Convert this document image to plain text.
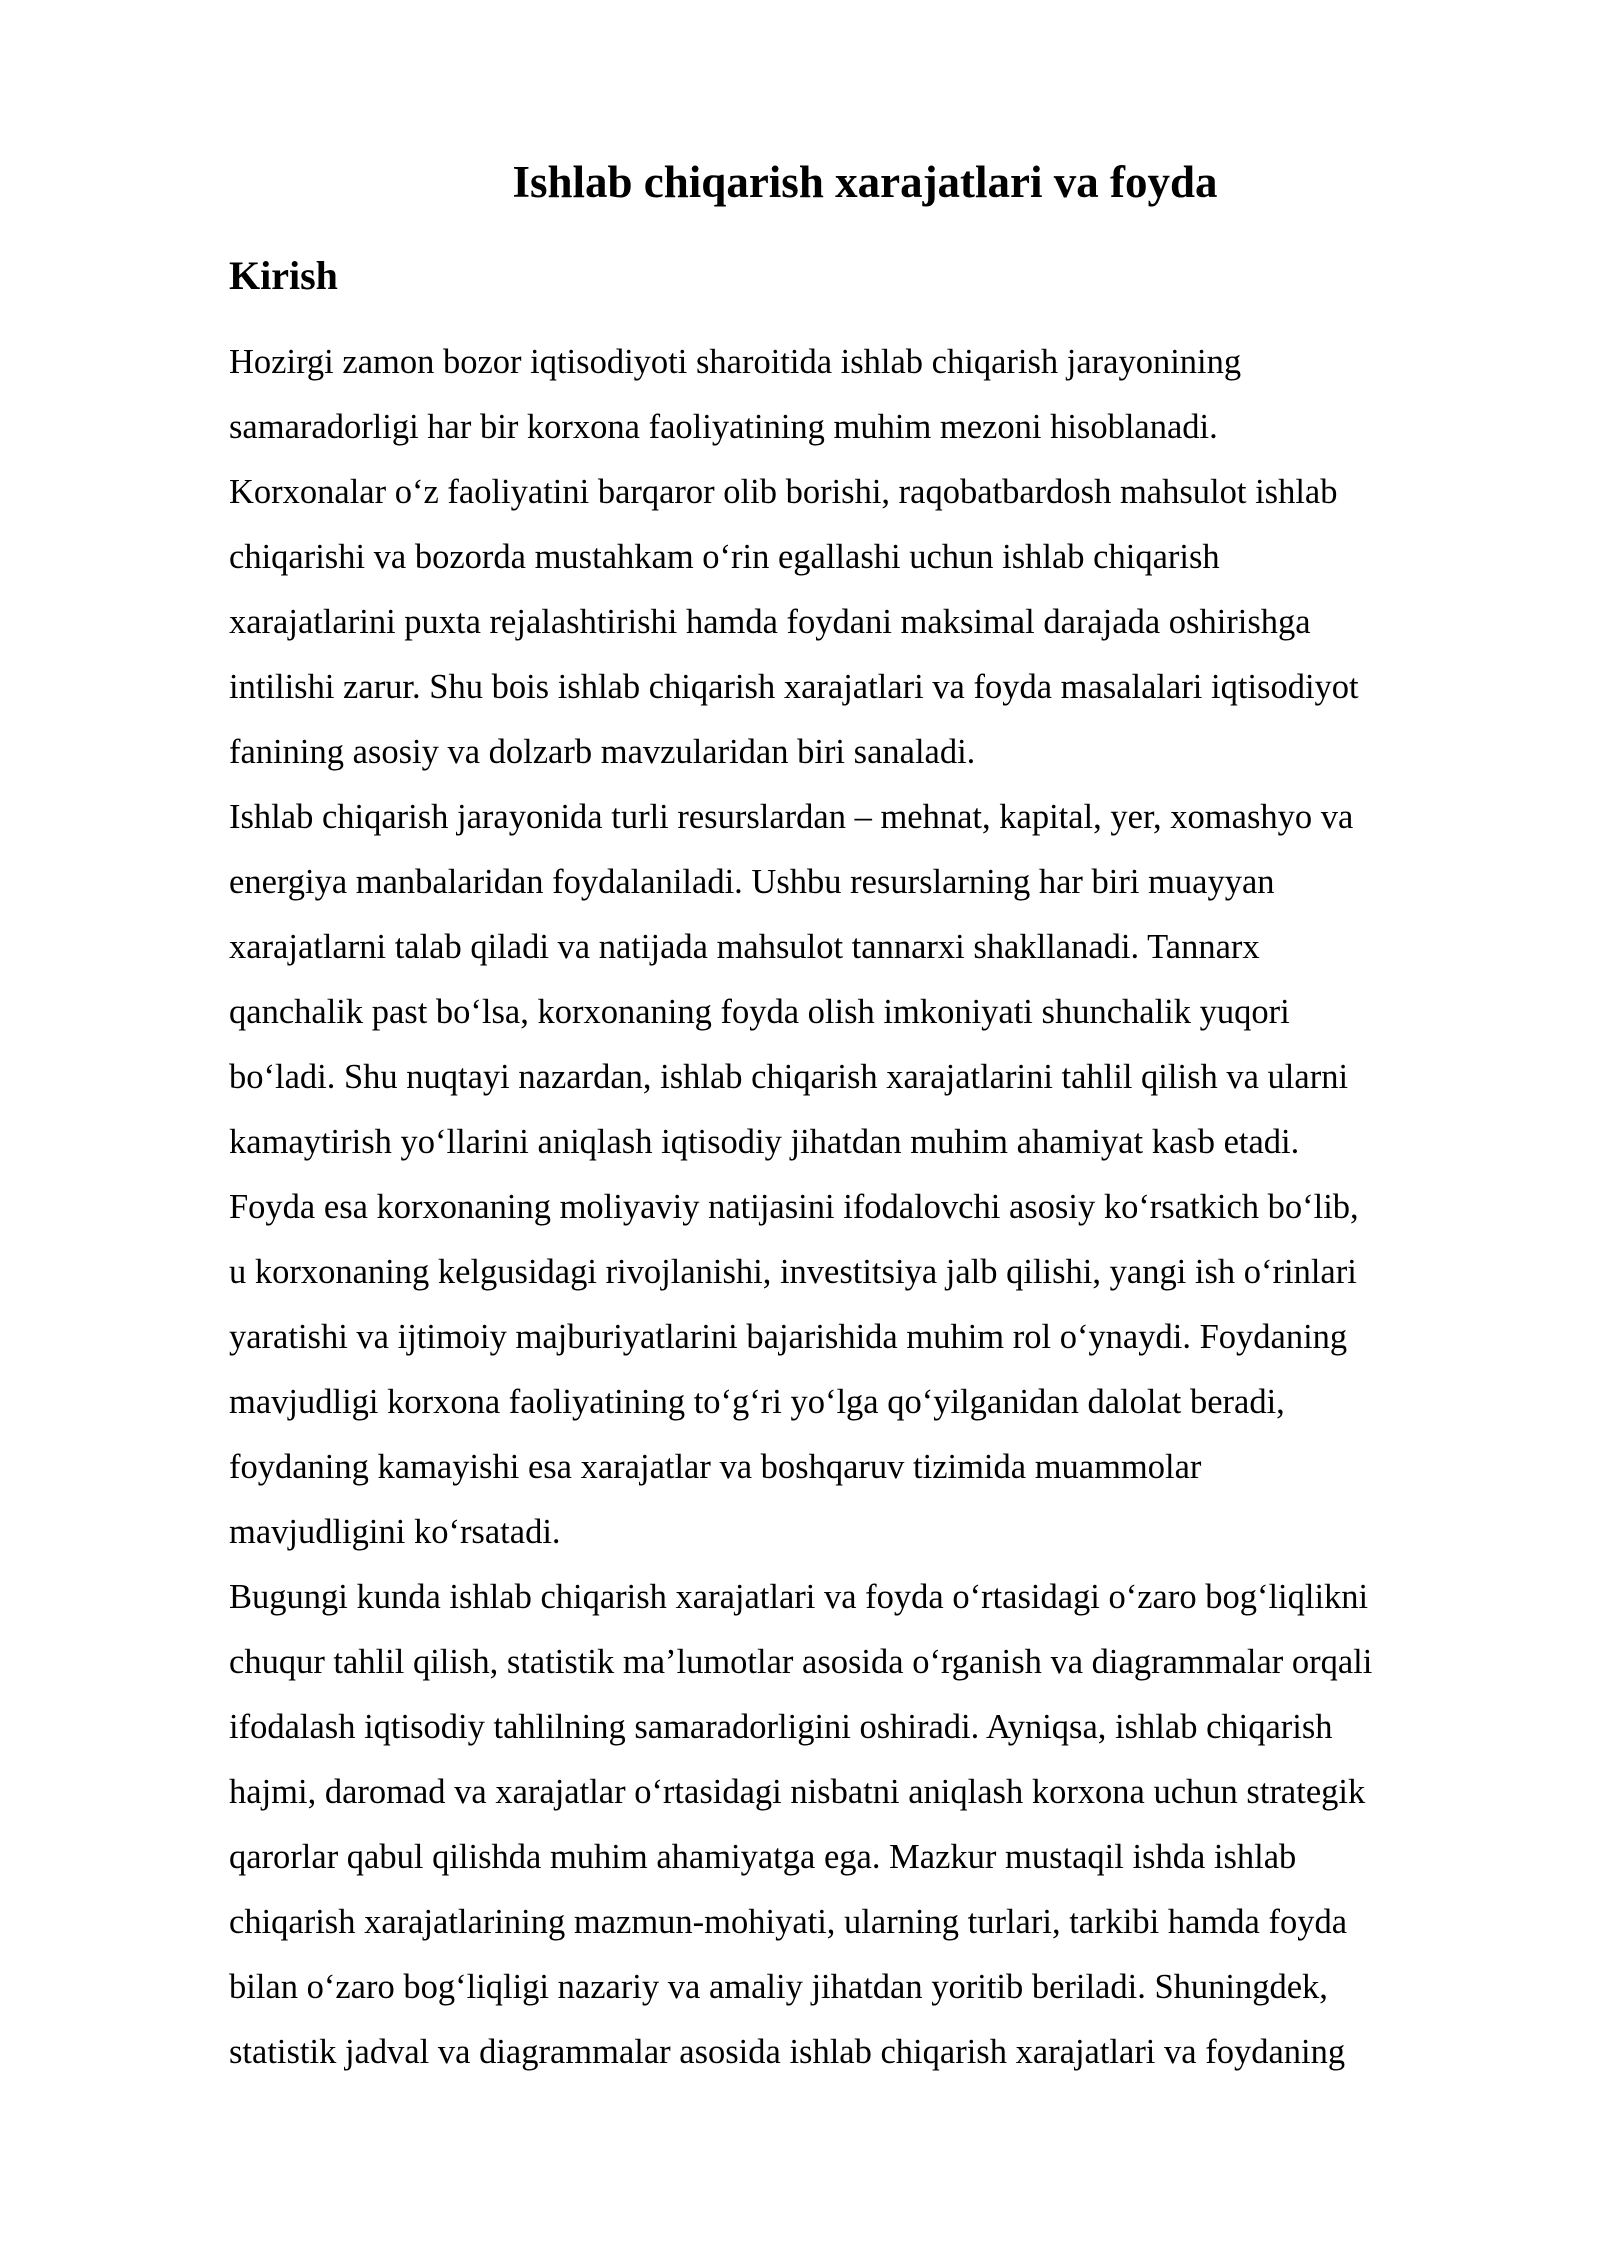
Ishlab chiqarish xarajatlari va foyda
Kirish
Hozirgi zamon bozor iqtisodiyoti sharoitida ishlab chiqarish jarayonining
samaradorligi har bir korxona faoliyatining muhim mezoni hisoblanadi.
Korxonalar o‘z faoliyatini barqaror olib borishi, raqobatbardosh mahsulot ishlab
chiqarishi va bozorda mustahkam o‘rin egallashi uchun ishlab chiqarish
xarajatlarini puxta rejalashtirishi hamda foydani maksimal darajada oshirishga
intilishi zarur. Shu bois ishlab chiqarish xarajatlari va foyda masalalari iqtisodiyot
fanining asosiy va dolzarb mavzularidan biri sanaladi.
Ishlab chiqarish jarayonida turli resurslardan – mehnat, kapital, yer, xomashyo va
energiya manbalaridan foydalaniladi. Ushbu resurslarning har biri muayyan
xarajatlarni talab qiladi va natijada mahsulot tannarxi shakllanadi. Tannarx
qanchalik past bo‘lsa, korxonaning foyda olish imkoniyati shunchalik yuqori
bo‘ladi. Shu nuqtayi nazardan, ishlab chiqarish xarajatlarini tahlil qilish va ularni
kamaytirish yo‘llarini aniqlash iqtisodiy jihatdan muhim ahamiyat kasb etadi.
Foyda esa korxonaning moliyaviy natijasini ifodalovchi asosiy ko‘rsatkich bo‘lib,
u korxonaning kelgusidagi rivojlanishi, investitsiya jalb qilishi, yangi ish o‘rinlari
yaratishi va ijtimoiy majburiyatlarini bajarishida muhim rol o‘ynaydi. Foydaning
mavjudligi korxona faoliyatining to‘g‘ri yo‘lga qo‘yilganidan dalolat beradi,
foydaning kamayishi esa xarajatlar va boshqaruv tizimida muammolar
mavjudligini ko‘rsatadi.
Bugungi kunda ishlab chiqarish xarajatlari va foyda o‘rtasidagi o‘zaro bog‘liqlikni
chuqur tahlil qilish, statistik ma’lumotlar asosida o‘rganish va diagrammalar orqali
ifodalash iqtisodiy tahlilning samaradorligini oshiradi. Ayniqsa, ishlab chiqarish
hajmi, daromad va xarajatlar o‘rtasidagi nisbatni aniqlash korxona uchun strategik
qarorlar qabul qilishda muhim ahamiyatga ega. Mazkur mustaqil ishda ishlab
chiqarish xarajatlarining mazmun-mohiyati, ularning turlari, tarkibi hamda foyda
bilan o‘zaro bog‘liqligi nazariy va amaliy jihatdan yoritib beriladi. Shuningdek,
statistik jadval va diagrammalar asosida ishlab chiqarish xarajatlari va foydaning
